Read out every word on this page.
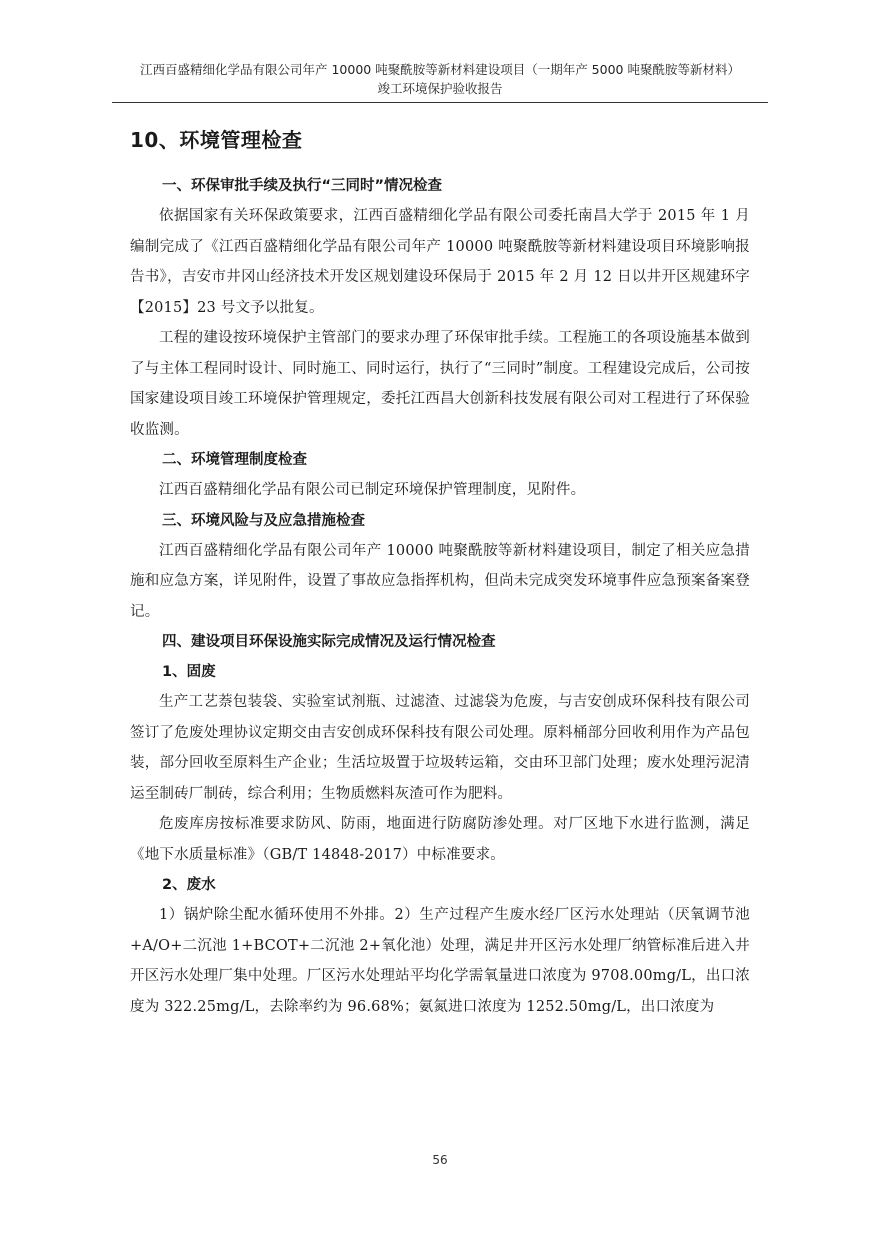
江西百盛精细化学品有限公司年产 10000 吨聚酰胺等新材料建设项目（一期年产 5000 吨聚酰胺等新材料）
竣工环境保护验收报告
10、环境管理检查
一、环保审批手续及执行“三同时”情况检查

依据国家有关环保政策要求，江西百盛精细化学品有限公司委托南昌大学于 2015 年 1 月编制完成了《江西百盛精细化学品有限公司年产 10000 吨聚酰胺等新材料建设项目环境影响报告书》，吉安市井冈山经济技术开发区规划建设环保局于 2015 年 2 月 12 日以井开区规建环字【2015】23 号文予以批复。

工程的建设按环境保护主管部门的要求办理了环保审批手续。工程施工的各项设施基本做到了与主体工程同时设计、同时施工、同时运行，执行了“三同时”制度。工程建设完成后，公司按国家建设项目竣工环境保护管理规定，委托江西昌大创新科技发展有限公司对工程进行了环保验收监测。

二、环境管理制度检查

江西百盛精细化学品有限公司已制定环境保护管理制度，见附件。

三、环境风险与及应急措施检查

江西百盛精细化学品有限公司年产 10000 吨聚酰胺等新材料建设项目，制定了相关应急措施和应急方案，详见附件，设置了事故应急指挥机构，但尚未完成突发环境事件应急预案备案登记。

四、建设项目环保设施实际完成情况及运行情况检查
1、固废

生产工艺萘包装袋、实验室试剂瓶、过滤渣、过滤袋为危废，与吉安创成环保科技有限公司签订了危废处理协议定期交由吉安创成环保科技有限公司处理。原料桶部分回收利用作为产品包装，部分回收至原料生产企业；生活垃圾置于垃圾转运箱，交由环卫部门处理；废水处理污泥清运至制砖厂制砖，综合利用；生物质燃料灰渣可作为肥料。

危废库房按标准要求防风、防雨，地面进行防腐防渗处理。对厂区地下水进行监测，满足《地下水质量标准》（GB/T 14848-2017）中标准要求。

2、废水

1）锅炉除尘配水循环使用不外排。2）生产过程产生废水经厂区污水处理站（厌氧调节池+A/O+二沉池 1+BCOT+二沉池 2+氧化池）处理，满足井开区污水处理厂纳管标准后进入井开区污水处理厂集中处理。厂区污水处理站平均化学需氧量进口浓度为 9708.00mg/L，出口浓度为 322.25mg/L，去除率约为 96.68%；氨氮进口浓度为 1252.50mg/L，出口浓度为

56
